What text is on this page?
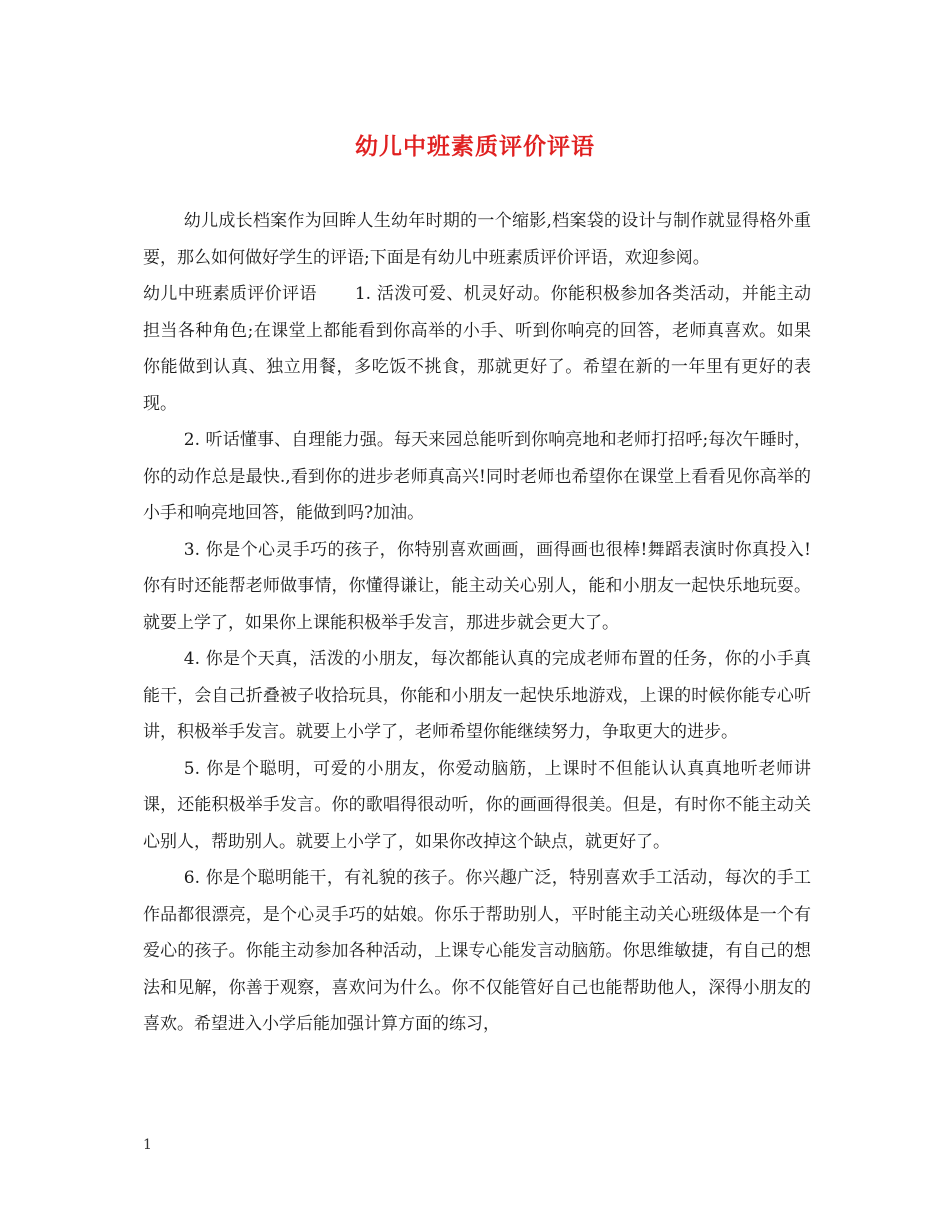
幼儿中班素质评价评语

幼儿成长档案作为回眸人生幼年时期的一个缩影,档案袋的设计与制作就显得格外重要，那么如何做好学生的评语;下面是有幼儿中班素质评价评语，欢迎参阅。

幼儿中班素质评价评语 1. 活泼可爱、机灵好动。你能积极参加各类活动，并能主动担当各种角色;在课堂上都能看到你高举的小手、听到你响亮的回答，老师真喜欢。如果你能做到认真、独立用餐，多吃饭不挑食，那就更好了。希望在新的一年里有更好的表现。

2. 听话懂事、自理能力强。每天来园总能听到你响亮地和老师打招呼;每次午睡时，你的动作总是最快.,看到你的进步老师真高兴!同时老师也希望你在课堂上看看见你高举的小手和响亮地回答，能做到吗?加油。

3. 你是个心灵手巧的孩子，你特别喜欢画画，画得画也很棒!舞蹈表演时你真投入!你有时还能帮老师做事情，你懂得谦让，能主动关心别人，能和小朋友一起快乐地玩耍。就要上学了，如果你上课能积极举手发言，那进步就会更大了。

4. 你是个天真，活泼的小朋友，每次都能认真的完成老师布置的任务，你的小手真能干，会自己折叠被子收拾玩具，你能和小朋友一起快乐地游戏，上课的时候你能专心听讲，积极举手发言。就要上小学了，老师希望你能继续努力，争取更大的进步。

5. 你是个聪明，可爱的小朋友，你爱动脑筋，上课时不但能认认真真地听老师讲课，还能积极举手发言。你的歌唱得很动听，你的画画得很美。但是，有时你不能主动关心别人，帮助别人。就要上小学了，如果你改掉这个缺点，就更好了。

6. 你是个聪明能干，有礼貌的孩子。你兴趣广泛，特别喜欢手工活动，每次的手工作品都很漂亮，是个心灵手巧的姑娘。你乐于帮助别人，平时能主动关心班级体是一个有爱心的孩子。你能主动参加各种活动，上课专心能发言动脑筋。你思维敏捷，有自己的想法和见解，你善于观察，喜欢问为什么。你不仅能管好自己也能帮助他人，深得小朋友的喜欢。希望进入小学后能加强计算方面的练习，

1
